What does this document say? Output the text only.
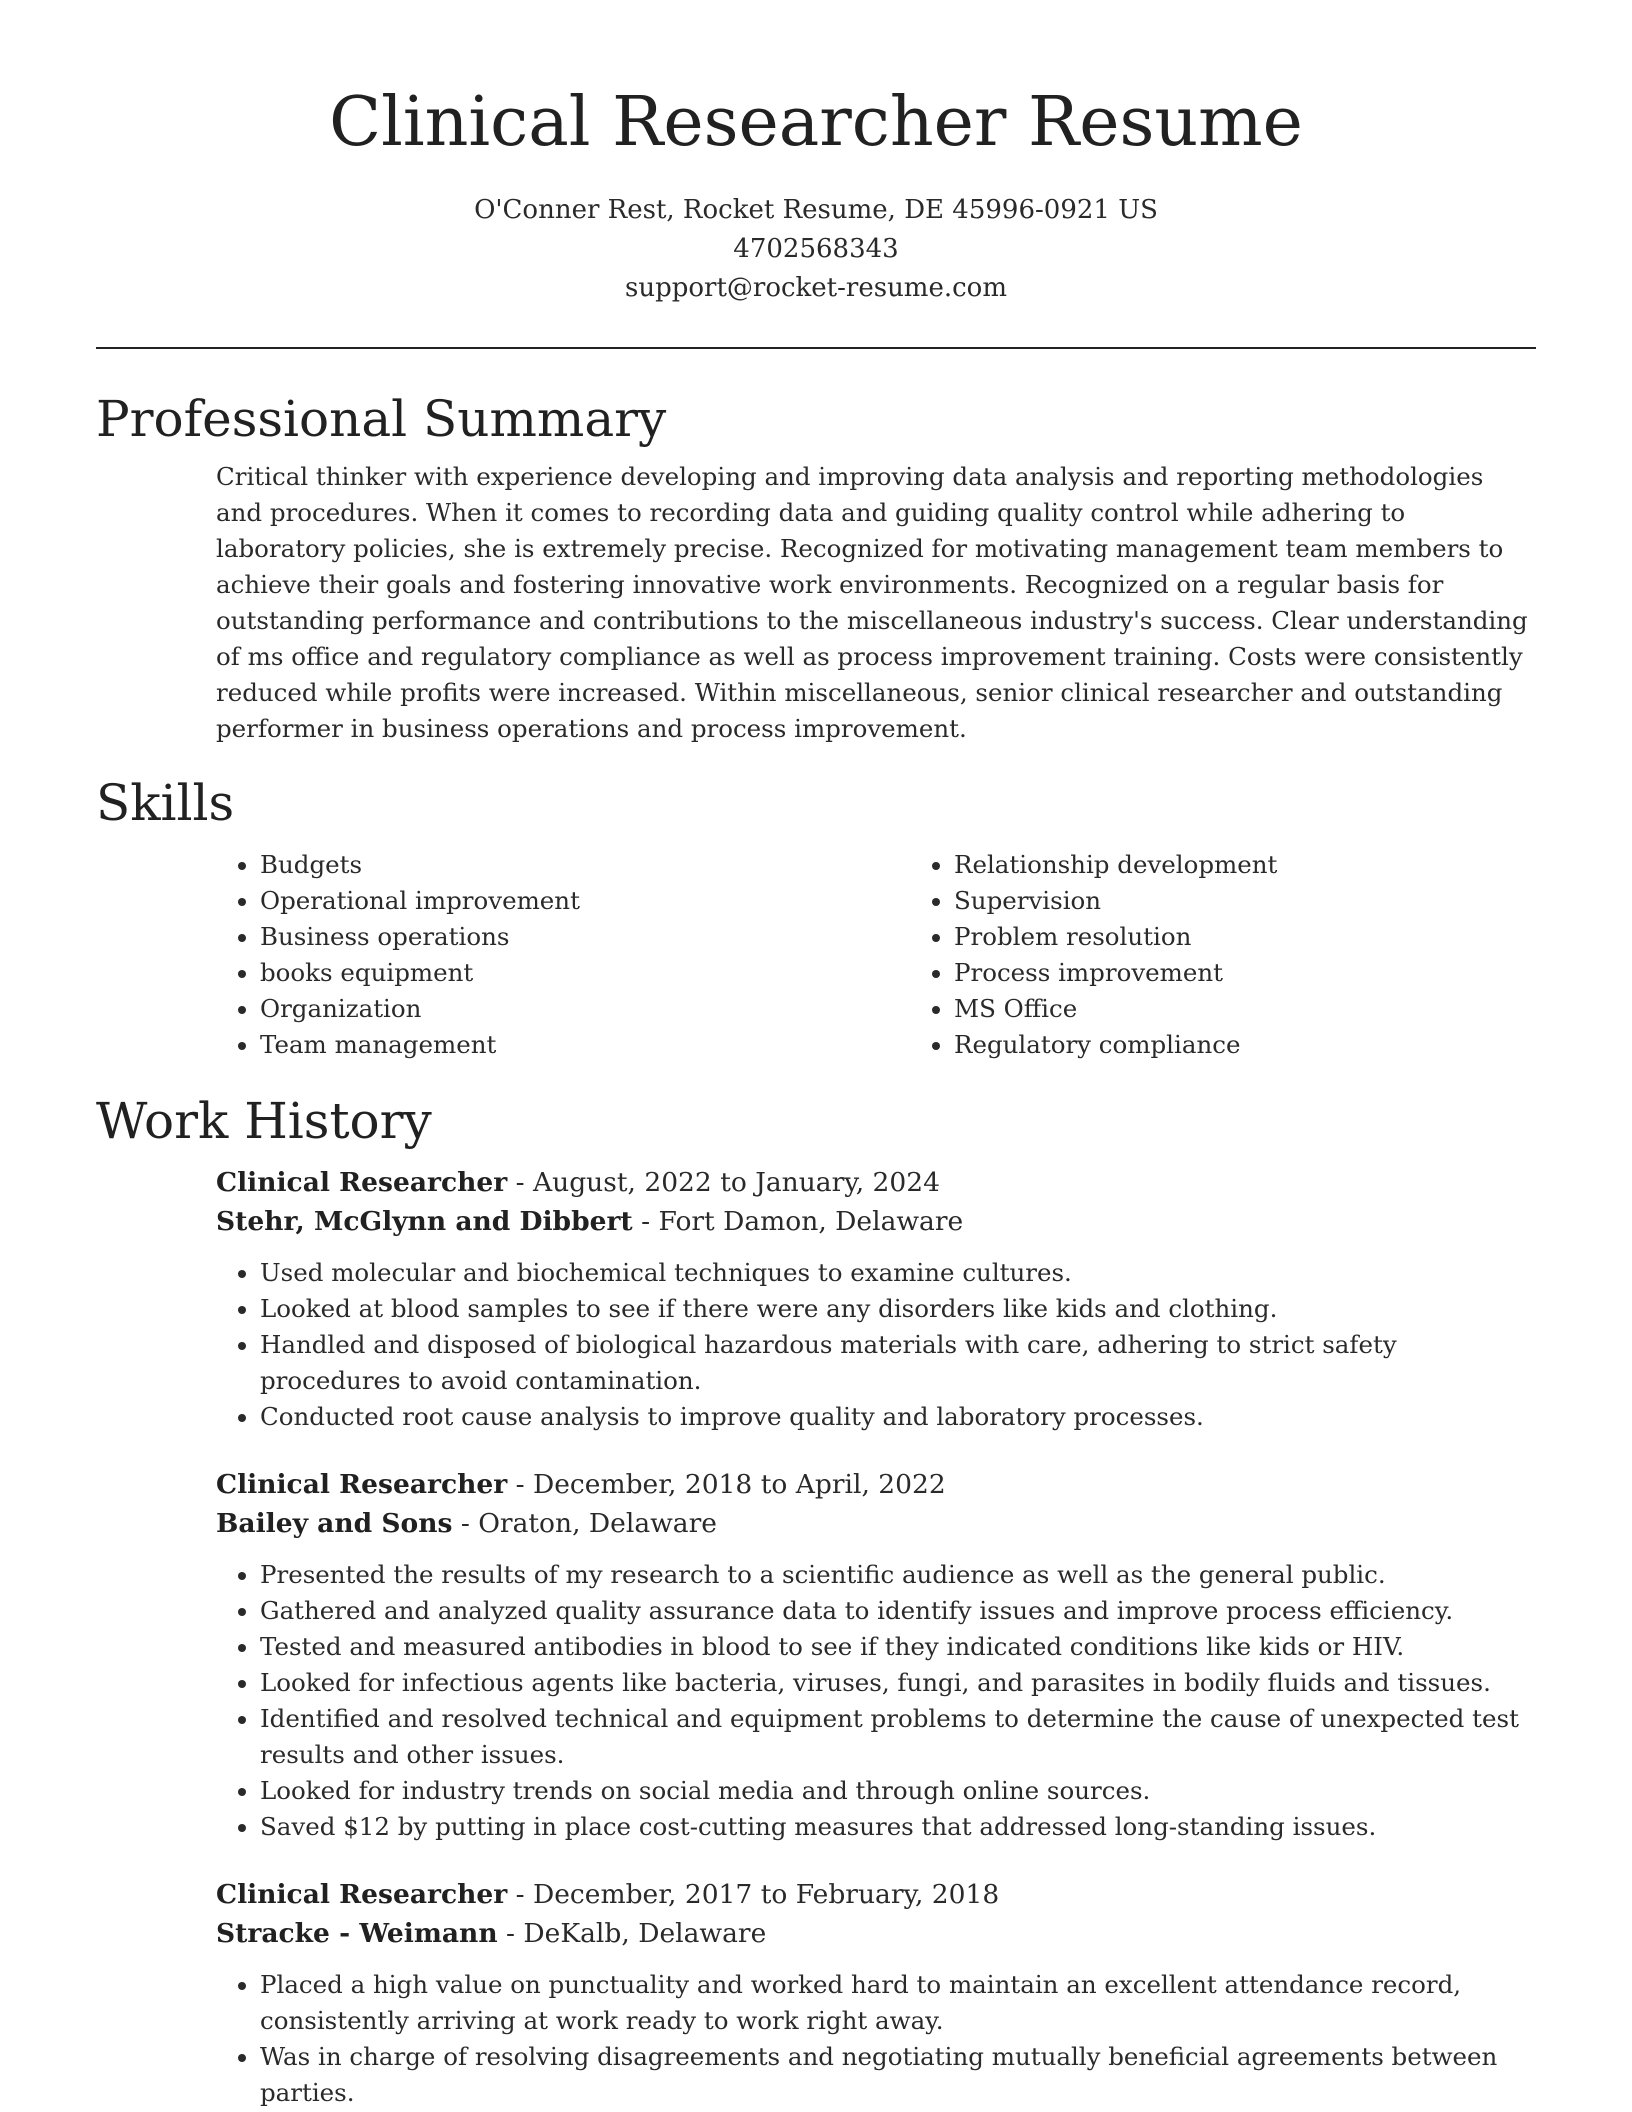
Clinical Researcher Resume
O'Conner Rest, Rocket Resume, DE 45996-0921 US
4702568343
support@rocket-resume.com
Professional Summary

Critical thinker with experience developing and improving data analysis and reporting methodologies and procedures. When it comes to recording data and guiding quality control while adhering to laboratory policies, she is extremely precise. Recognized for motivating management team members to achieve their goals and fostering innovative work environments. Recognized on a regular basis for outstanding performance and contributions to the miscellaneous industry's success. Clear understanding of ms office and regulatory compliance as well as process improvement training. Costs were consistently reduced while profits were increased. Within miscellaneous, senior clinical researcher and outstanding performer in business operations and process improvement.

Skills
• Budgets
• Operational improvement
• Business operations
• books equipment
• Organization
• Team management
• Relationship development
• Supervision
• Problem resolution
• Process improvement
• MS Office
• Regulatory compliance
Work History
Clinical Researcher - August, 2022 to January, 2024
Stehr, McGlynn and Dibbert - Fort Damon, Delaware
• Used molecular and biochemical techniques to examine cultures.
• Looked at blood samples to see if there were any disorders like kids and clothing.
• Handled and disposed of biological hazardous materials with care, adhering to strict safety procedures to avoid contamination.
• Conducted root cause analysis to improve quality and laboratory processes.
Clinical Researcher - December, 2018 to April, 2022
Bailey and Sons - Oraton, Delaware
• Presented the results of my research to a scientific audience as well as the general public.
• Gathered and analyzed quality assurance data to identify issues and improve process efficiency.
• Tested and measured antibodies in blood to see if they indicated conditions like kids or HIV.
• Looked for infectious agents like bacteria, viruses, fungi, and parasites in bodily fluids and tissues.
• Identified and resolved technical and equipment problems to determine the cause of unexpected test results and other issues.
• Looked for industry trends on social media and through online sources.
• Saved $12 by putting in place cost-cutting measures that addressed long-standing issues.
Clinical Researcher - December, 2017 to February, 2018
Stracke - Weimann - DeKalb, Delaware
• Placed a high value on punctuality and worked hard to maintain an excellent attendance record, consistently arriving at work ready to work right away.
• Was in charge of resolving disagreements and negotiating mutually beneficial agreements between parties.
